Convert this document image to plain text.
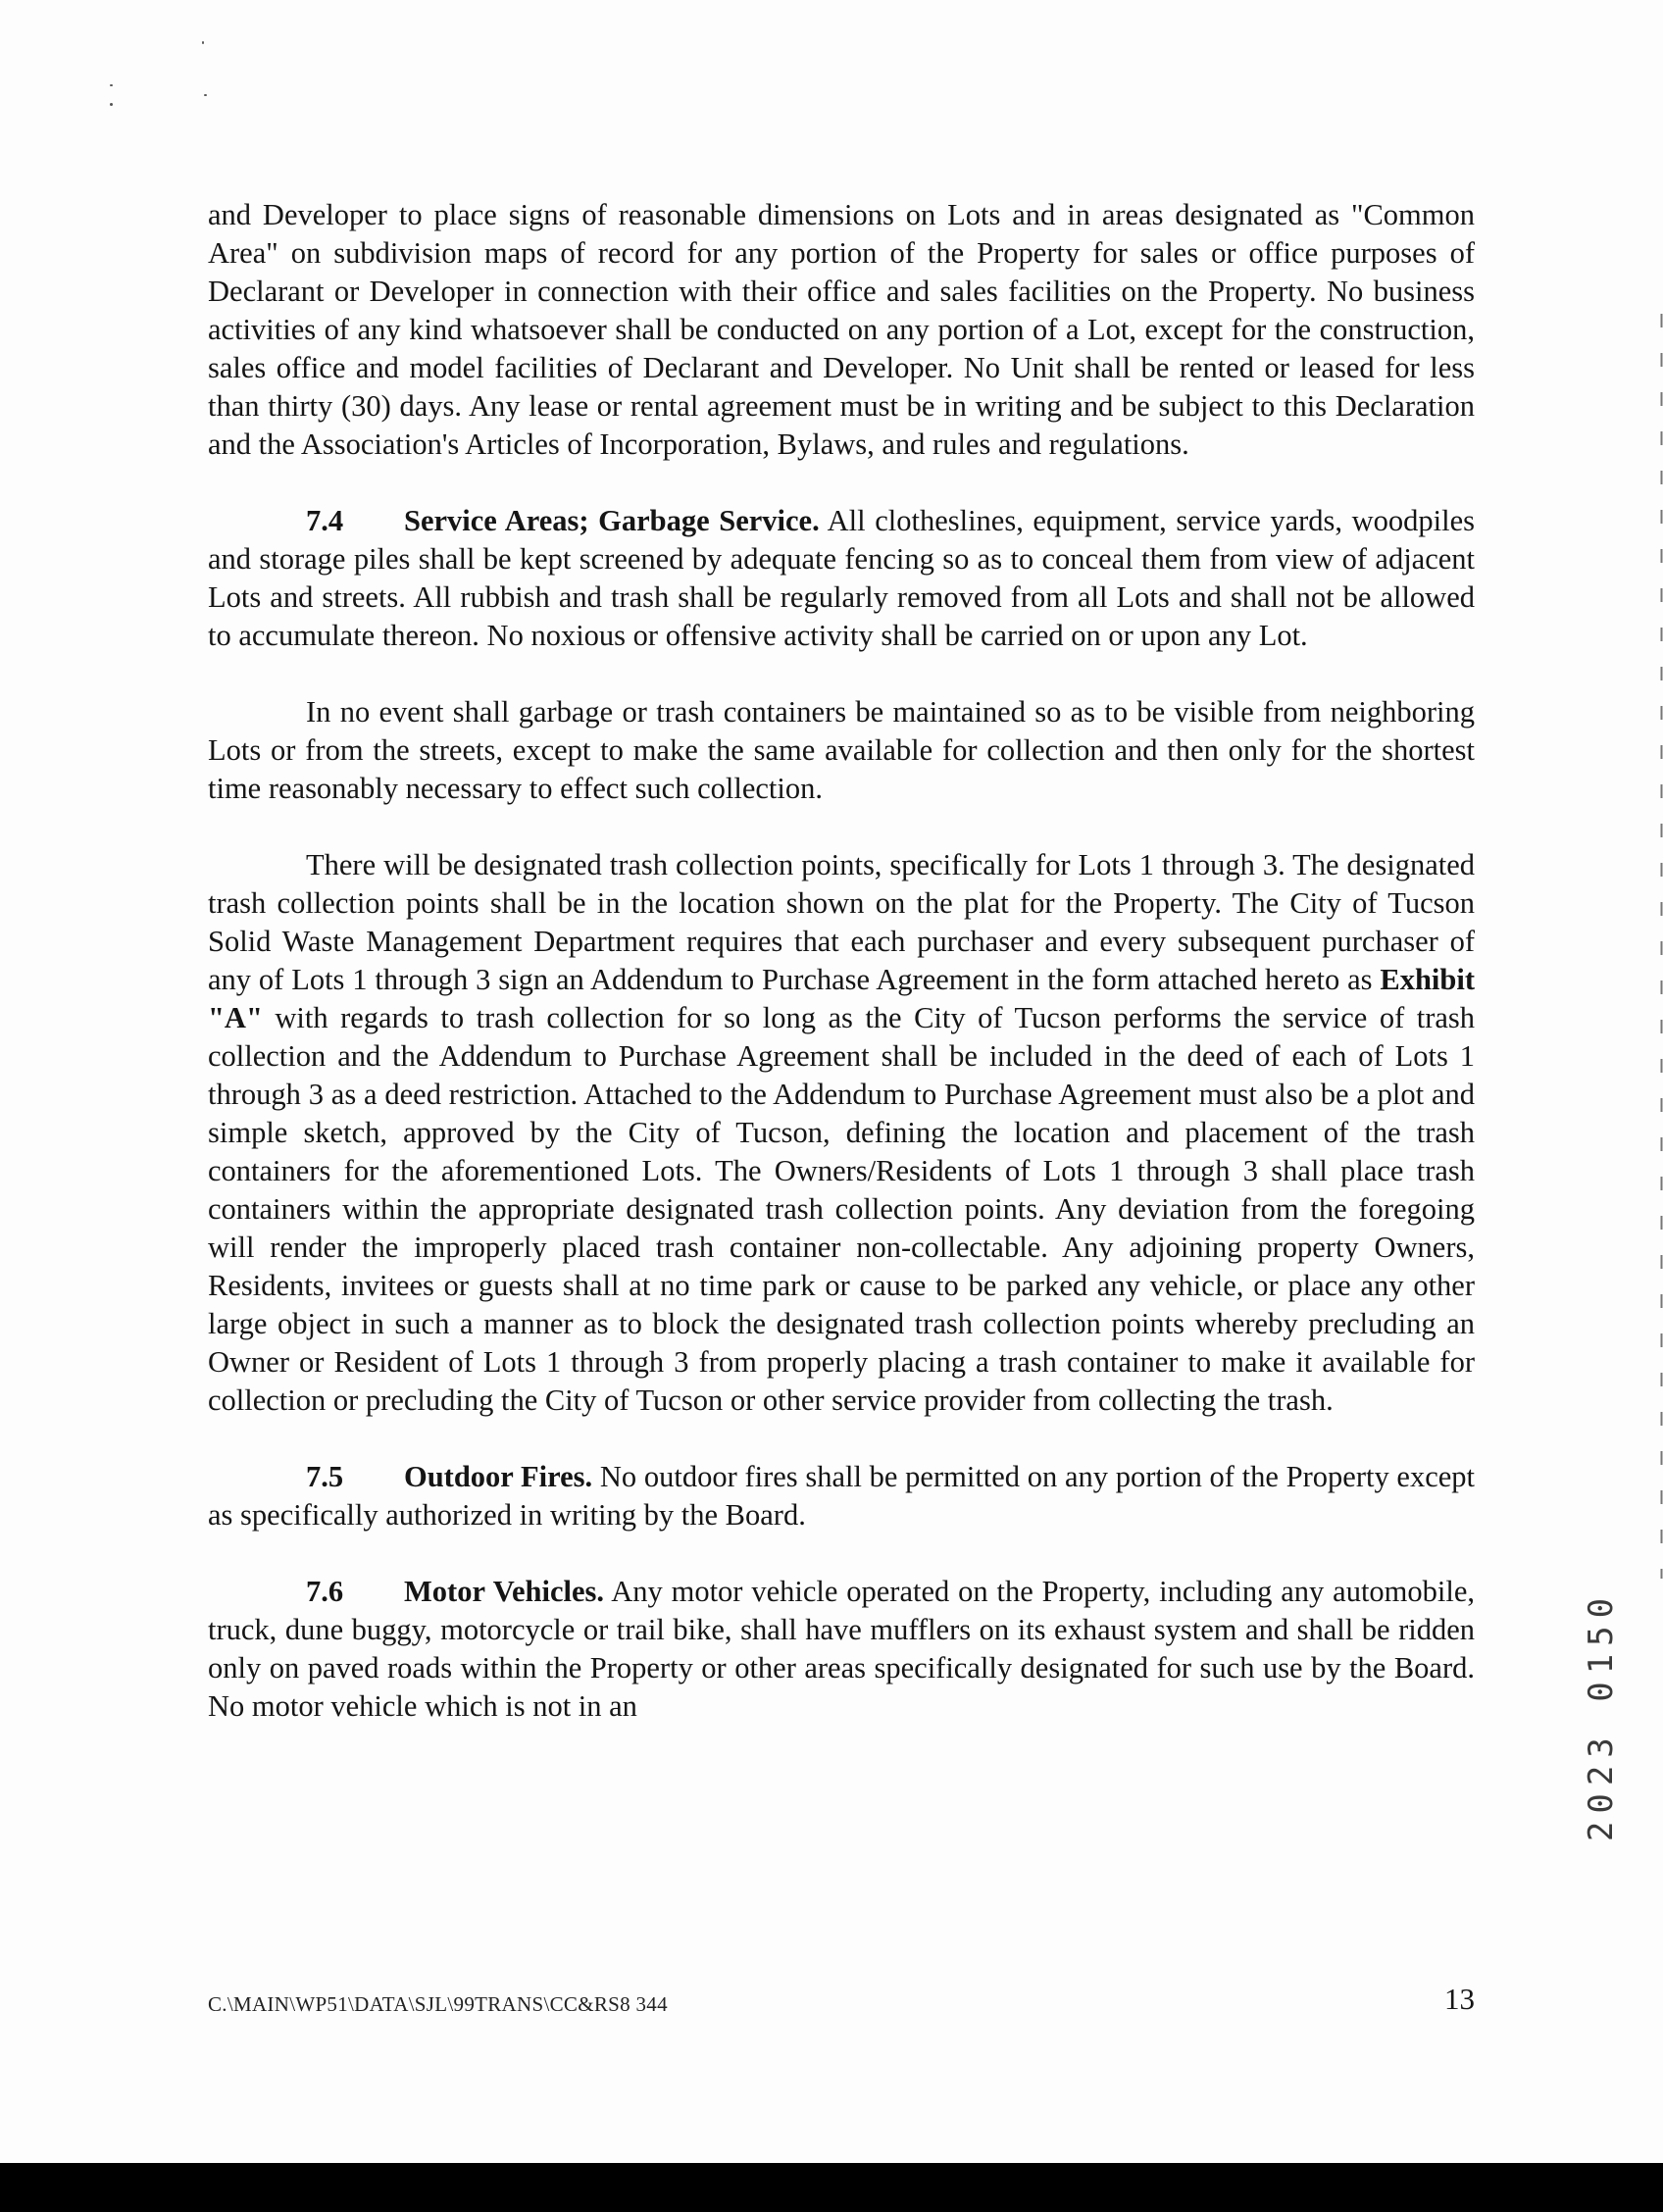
and Developer to place signs of reasonable dimensions on Lots and in areas designated as "Common Area" on subdivision maps of record for any portion of the Property for sales or office purposes of Declarant or Developer in connection with their office and sales facilities on the Property. No business activities of any kind whatsoever shall be conducted on any portion of a Lot, except for the construction, sales office and model facilities of Declarant and Developer. No Unit shall be rented or leased for less than thirty (30) days. Any lease or rental agreement must be in writing and be subject to this Declaration and the Association's Articles of Incorporation, Bylaws, and rules and regulations.

7.4 Service Areas; Garbage Service. All clotheslines, equipment, service yards, woodpiles and storage piles shall be kept screened by adequate fencing so as to conceal them from view of adjacent Lots and streets. All rubbish and trash shall be regularly removed from all Lots and shall not be allowed to accumulate thereon. No noxious or offensive activity shall be carried on or upon any Lot.

In no event shall garbage or trash containers be maintained so as to be visible from neighboring Lots or from the streets, except to make the same available for collection and then only for the shortest time reasonably necessary to effect such collection.

There will be designated trash collection points, specifically for Lots 1 through 3. The designated trash collection points shall be in the location shown on the plat for the Property. The City of Tucson Solid Waste Management Department requires that each purchaser and every subsequent purchaser of any of Lots 1 through 3 sign an Addendum to Purchase Agreement in the form attached hereto as Exhibit "A" with regards to trash collection for so long as the City of Tucson performs the service of trash collection and the Addendum to Purchase Agreement shall be included in the deed of each of Lots 1 through 3 as a deed restriction. Attached to the Addendum to Purchase Agreement must also be a plot and simple sketch, approved by the City of Tucson, defining the location and placement of the trash containers for the aforementioned Lots. The Owners/Residents of Lots 1 through 3 shall place trash containers within the appropriate designated trash collection points. Any deviation from the foregoing will render the improperly placed trash container non-collectable. Any adjoining property Owners, Residents, invitees or guests shall at no time park or cause to be parked any vehicle, or place any other large object in such a manner as to block the designated trash collection points whereby precluding an Owner or Resident of Lots 1 through 3 from properly placing a trash container to make it available for collection or precluding the City of Tucson or other service provider from collecting the trash.

7.5 Outdoor Fires. No outdoor fires shall be permitted on any portion of the Property except as specifically authorized in writing by the Board.

7.6 Motor Vehicles. Any motor vehicle operated on the Property, including any automobile, truck, dune buggy, motorcycle or trail bike, shall have mufflers on its exhaust system and shall be ridden only on paved roads within the Property or other areas specifically designated for such use by the Board. No motor vehicle which is not in an

C.\MAIN\WP51\DATA\SJL\99TRANS\CC&RS8 344	13
2023 0150
